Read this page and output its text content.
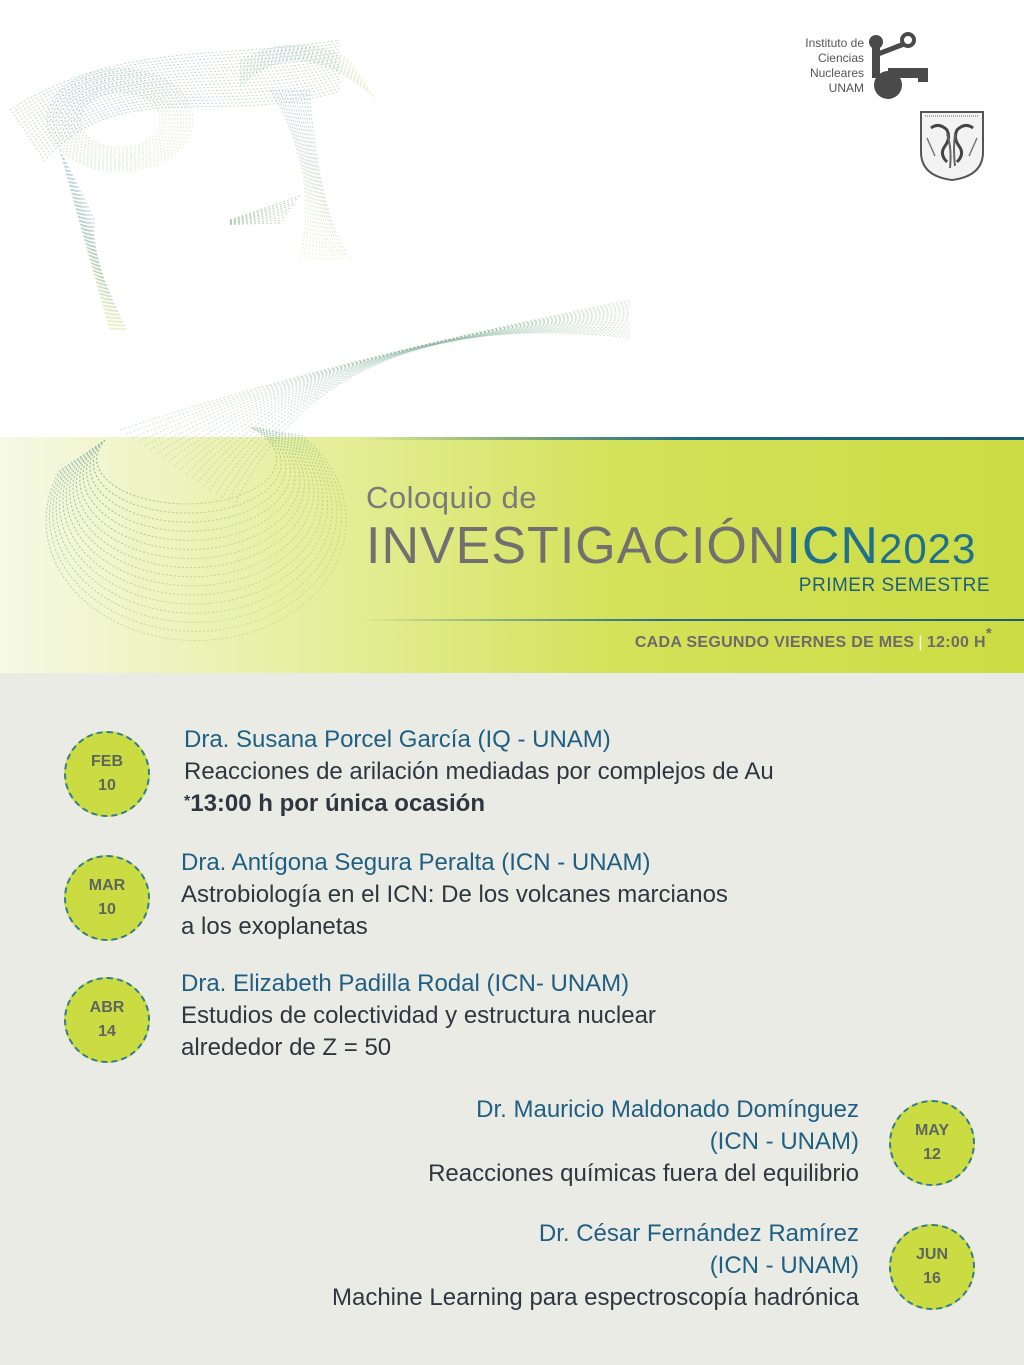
Instituto de
Ciencias
Nucleares
UNAM
Coloquio de
INVESTIGACIÓNICN2023
PRIMER SEMESTRE
CADA SEGUNDO VIERNES DE MES | 12:00 H*
FEB
10
Dra. Susana Porcel García (IQ - UNAM)
Reacciones de arilación mediadas por complejos de Au
*13:00 h por única ocasión
MAR
10
Dra. Antígona Segura Peralta (ICN - UNAM)
Astrobiología en el ICN: De los volcanes marcianos
a los exoplanetas
ABR
14
Dra. Elizabeth Padilla Rodal (ICN- UNAM)
Estudios de colectividad y estructura nuclear
alrededor de Z = 50
MAY
12
Dr. Mauricio Maldonado Domínguez
(ICN - UNAM)
Reacciones químicas fuera del equilibrio
JUN
16
Dr. César Fernández Ramírez
(ICN - UNAM)
Machine Learning para espectroscopía hadrónica
